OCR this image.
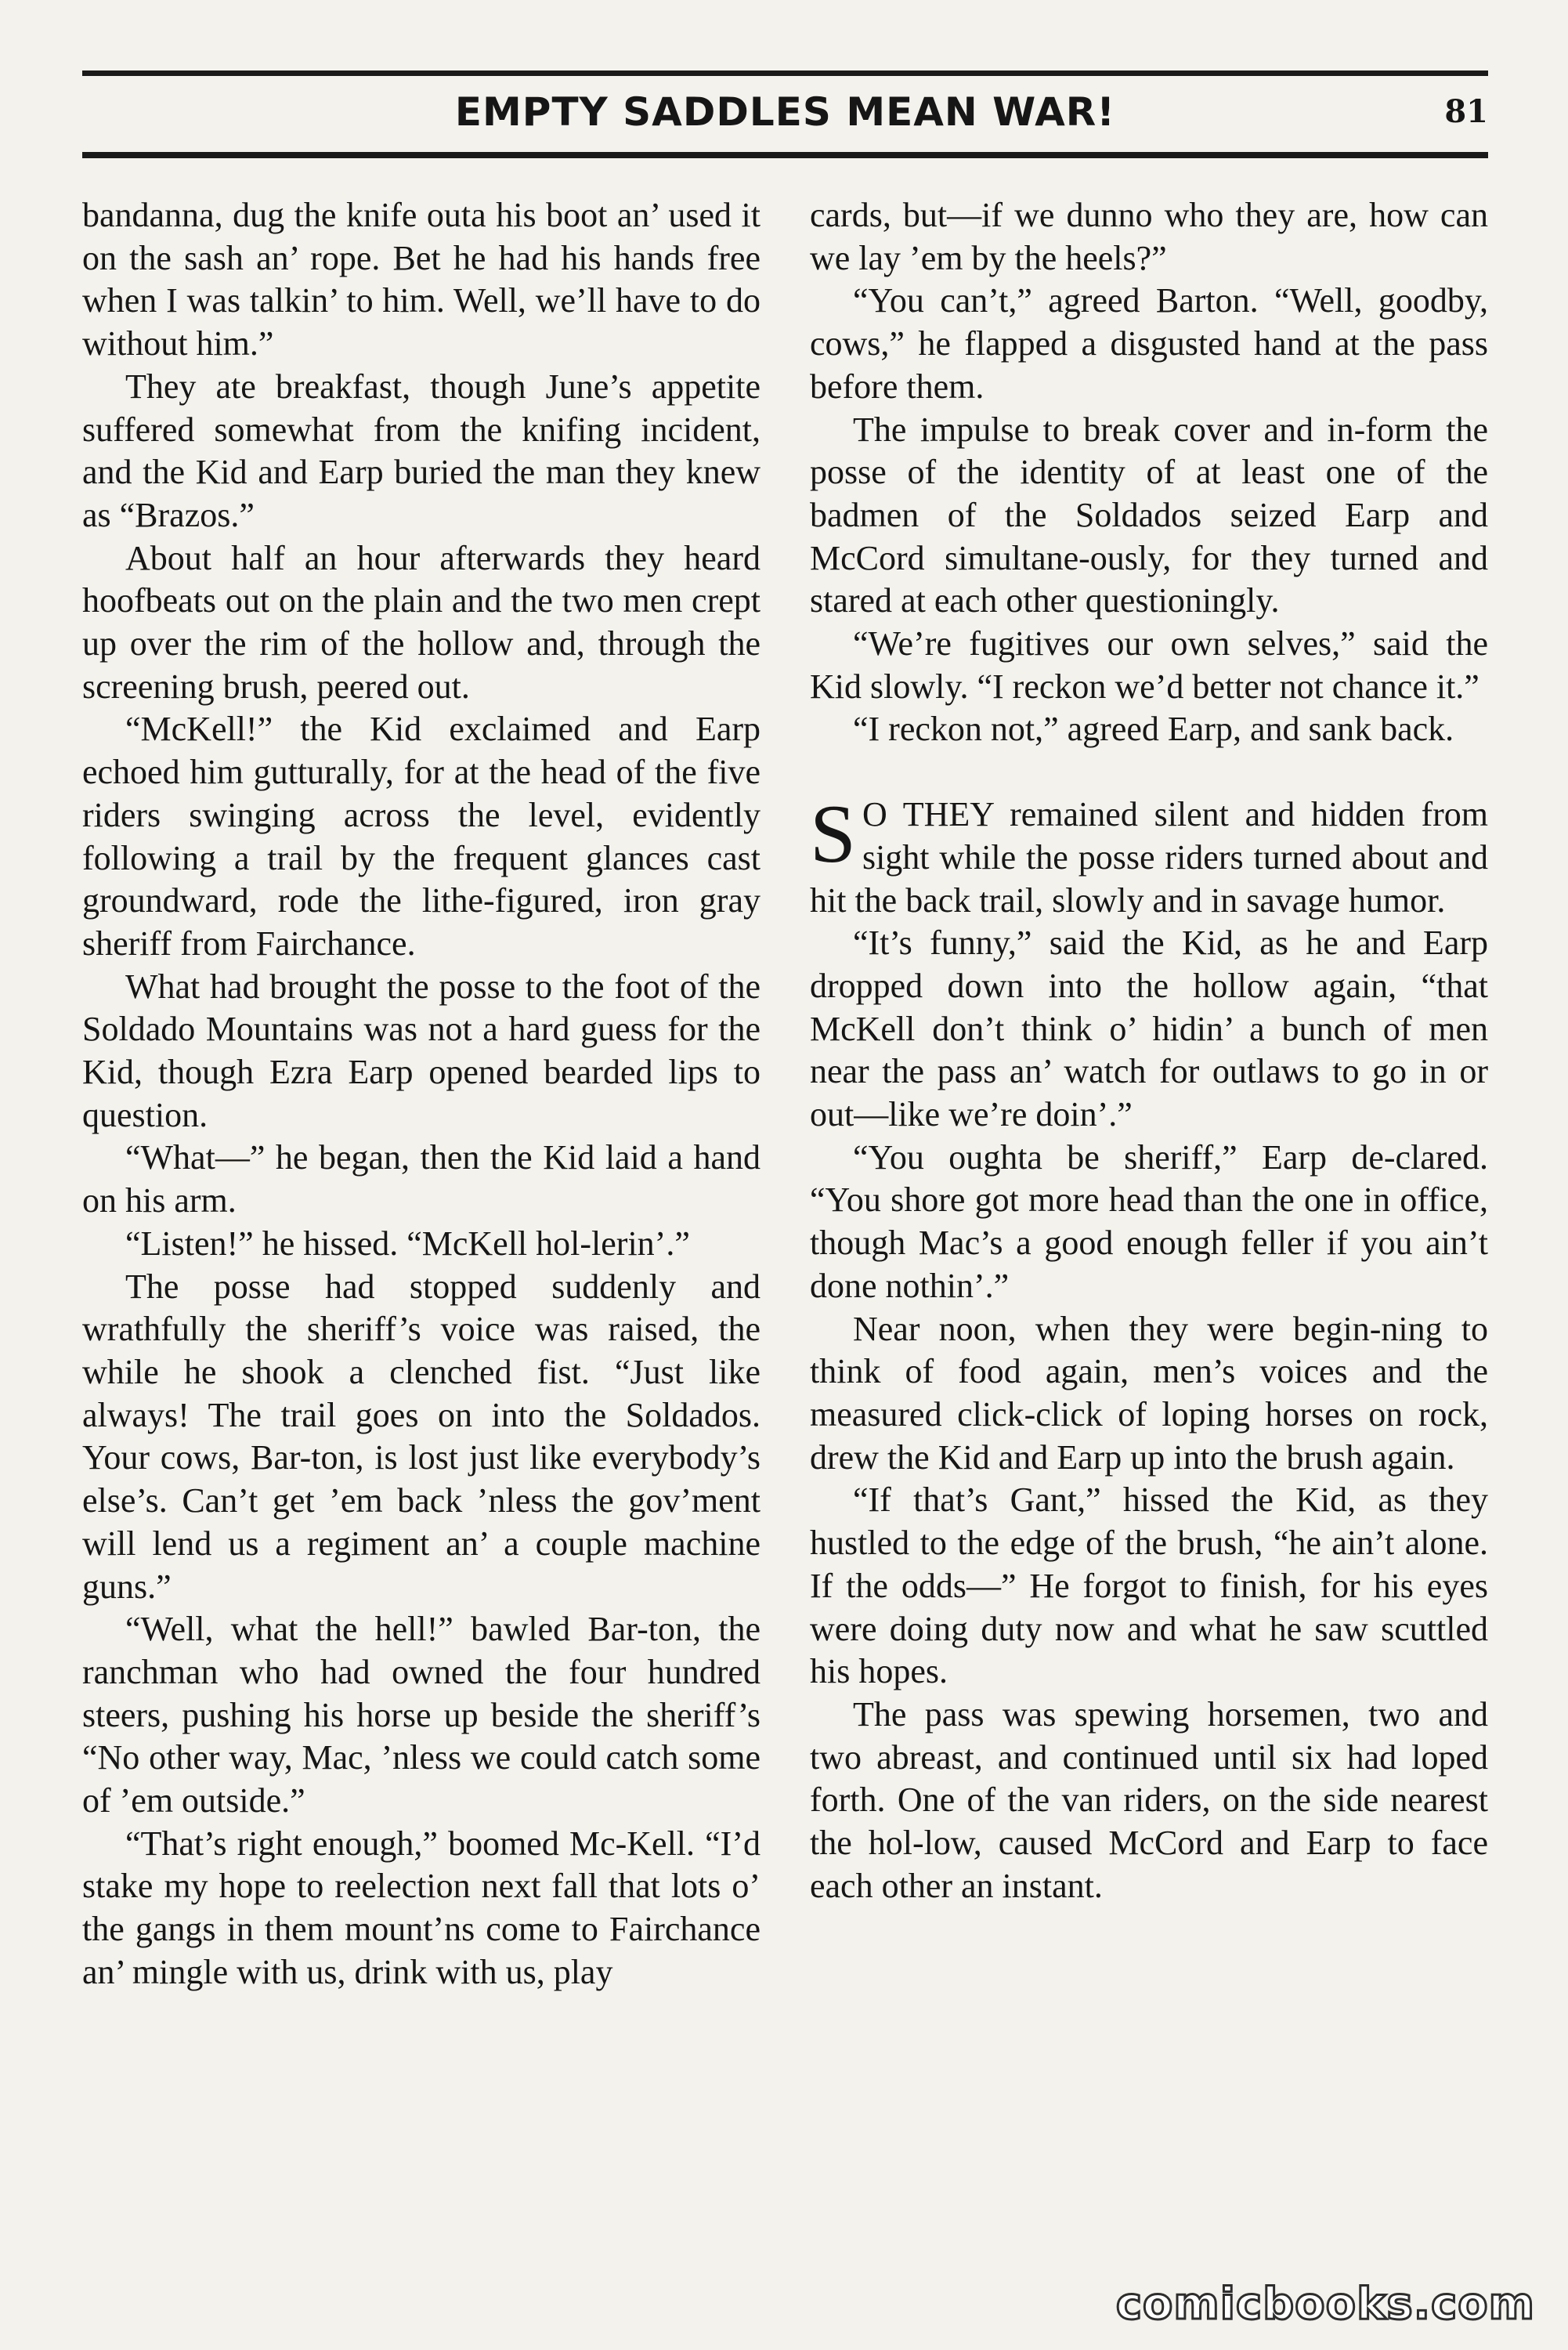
EMPTY SADDLES MEAN WAR!	81

bandanna, dug the knife outa his boot an’ used it on the sash an’ rope. Bet he had his hands free when I was talkin’ to him. Well, we’ll have to do without him.”

They ate breakfast, though June’s appetite suffered somewhat from the knifing incident, and the Kid and Earp buried the man they knew as “Brazos.”

About half an hour afterwards they heard hoofbeats out on the plain and the two men crept up over the rim of the hollow and, through the screening brush, peered out.

“McKell!” the Kid exclaimed and Earp echoed him gutturally, for at the head of the five riders swinging across the level, evidently following a trail by the frequent glances cast groundward, rode the lithe-figured, iron gray sheriff from Fairchance.

What had brought the posse to the foot of the Soldado Mountains was not a hard guess for the Kid, though Ezra Earp opened bearded lips to question.

“What—” he began, then the Kid laid a hand on his arm.

“Listen!” he hissed. “McKell hol-lerin’.”

The posse had stopped suddenly and wrathfully the sheriff’s voice was raised, the while he shook a clenched fist. “Just like always! The trail goes on into the Soldados. Your cows, Bar-ton, is lost just like everybody’s else’s. Can’t get ’em back ’nless the gov’ment will lend us a regiment an’ a couple machine guns.”

“Well, what the hell!” bawled Bar-ton, the ranchman who had owned the four hundred steers, pushing his horse up beside the sheriff’s “No other way, Mac, ’nless we could catch some of ’em outside.”

“That’s right enough,” boomed Mc-Kell. “I’d stake my hope to reelection next fall that lots o’ the gangs in them mount’ns come to Fairchance an’ mingle with us, drink with us, play

cards, but—if we dunno who they are, how can we lay ’em by the heels?”

“You can’t,” agreed Barton. “Well, goodby, cows,” he flapped a disgusted hand at the pass before them.

The impulse to break cover and in-form the posse of the identity of at least one of the badmen of the Soldados seized Earp and McCord simultane-ously, for they turned and stared at each other questioningly.

“We’re fugitives our own selves,” said the Kid slowly. “I reckon we’d better not chance it.”

“I reckon not,” agreed Earp, and sank back.

S O THEY remained silent and hidden from sight while the posse riders turned about and hit the back trail, slowly and in savage humor.

“It’s funny,” said the Kid, as he and Earp dropped down into the hollow again, “that McKell don’t think o’ hidin’ a bunch of men near the pass an’ watch for outlaws to go in or out—like we’re doin’.”

“You oughta be sheriff,” Earp de-clared. “You shore got more head than the one in office, though Mac’s a good enough feller if you ain’t done nothin’.”

Near noon, when they were begin-ning to think of food again, men’s voices and the measured click-click of loping horses on rock, drew the Kid and Earp up into the brush again.

“If that’s Gant,” hissed the Kid, as they hustled to the edge of the brush, “he ain’t alone. If the odds—” He forgot to finish, for his eyes were doing duty now and what he saw scuttled his hopes.

The pass was spewing horsemen, two and two abreast, and continued until six had loped forth. One of the van riders, on the side nearest the hol-low, caused McCord and Earp to face each other an instant.

comicbooks.com
